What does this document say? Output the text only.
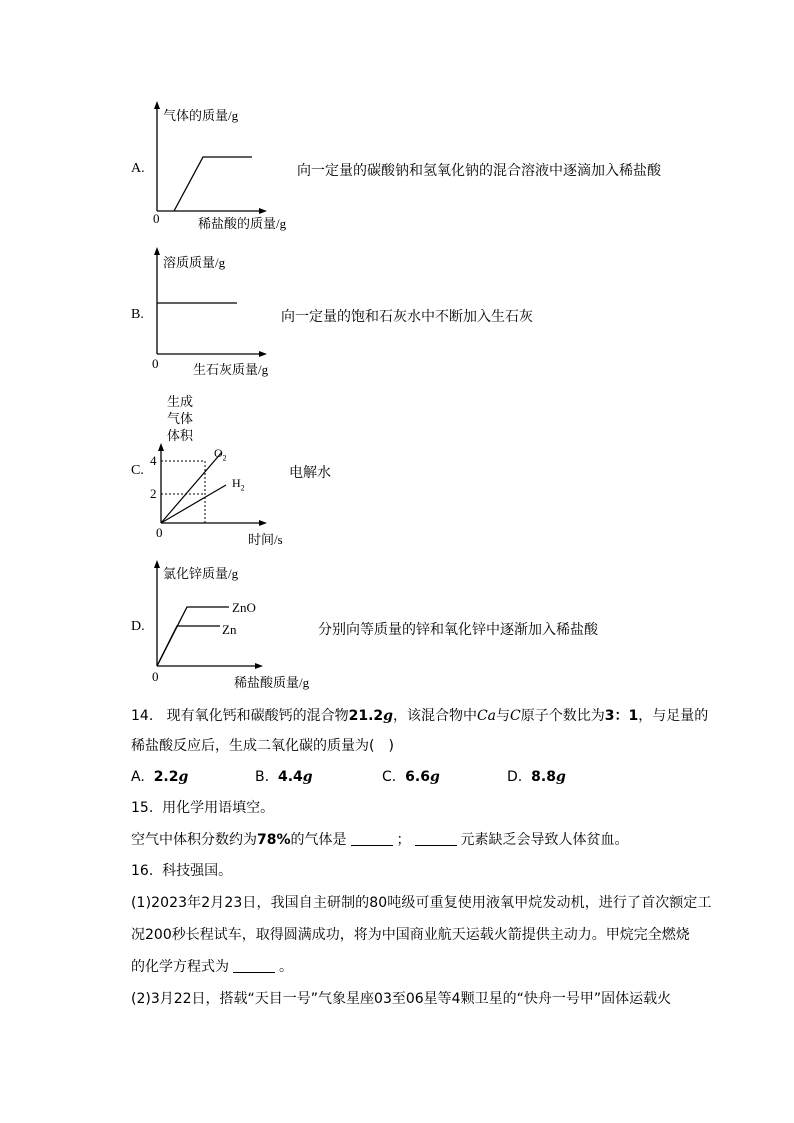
A.
气体的质量/g
0	稀盐酸的质量/g
向一定量的碳酸钠和氢氧化钠的混合溶液中逐滴加入稀盐酸
B.
溶质质量/g
0	生石灰质量/g
向一定量的饱和石灰水中不断加入生石灰
C.
生成
气体
体积
4
2
0	时间/s
$O_2$
$H_2$
电解水
D.
氯化锌质量/g
ZnO
Zn
0	稀盐酸质量/g
分别向等质量的锌和氧化锌中逐渐加入稀盐酸
14. 现有氧化钙和碳酸钙的混合物21.2g，该混合物中Ca与C原子个数比为3：1，与足量的
稀盐酸反应后，生成二氧化碳的质量为(　)
A. 2.2g	B. 4.4g	C. 6.6g	D. 8.8g
15. 用化学用语填空。
空气中体积分数约为78%的气体是	；	元素缺乏会导致人体贫血。
16. 科技强国。
(1)2023年2月23日，我国自主研制的80吨级可重复使用液氧甲烷发动机，进行了首次额定工
况200秒长程试车，取得圆满成功，将为中国商业航天运载火箭提供主动力。甲烷完全燃烧
的化学方程式为	。
(2)3月22日，搭载“天目一号”气象星座03至06星等4颗卫星的“快舟一号甲”固体运载火
